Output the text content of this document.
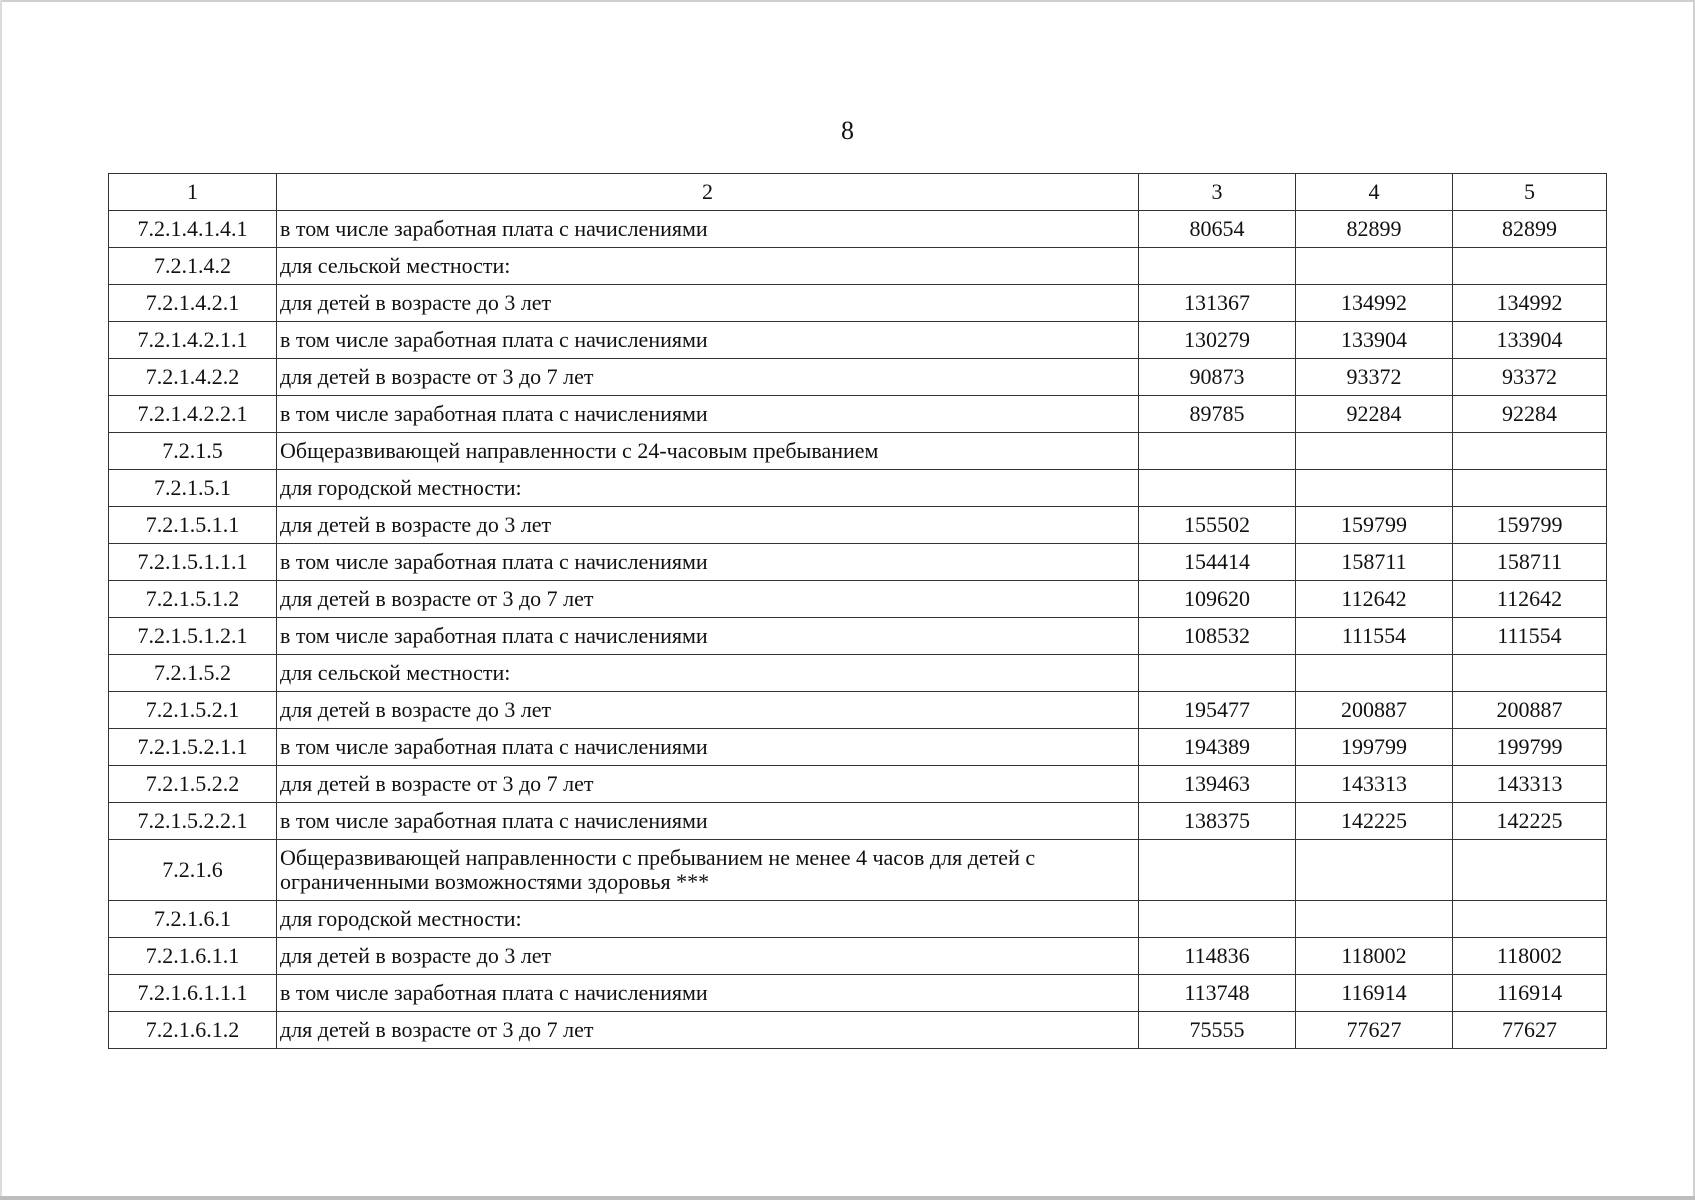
8
1	2	3	4	5
7.2.1.4.1.4.1	в том числе заработная плата с начислениями	80654	82899	82899
7.2.1.4.2	для сельской местности:			
7.2.1.4.2.1	для детей в возрасте до 3 лет	131367	134992	134992
7.2.1.4.2.1.1	в том числе заработная плата с начислениями	130279	133904	133904
7.2.1.4.2.2	для детей в возрасте от 3 до 7 лет	90873	93372	93372
7.2.1.4.2.2.1	в том числе заработная плата с начислениями	89785	92284	92284
7.2.1.5	Общеразвивающей направленности с 24-часовым пребыванием			
7.2.1.5.1	для городской местности:			
7.2.1.5.1.1	для детей в возрасте до 3 лет	155502	159799	159799
7.2.1.5.1.1.1	в том числе заработная плата с начислениями	154414	158711	158711
7.2.1.5.1.2	для детей в возрасте от 3 до 7 лет	109620	112642	112642
7.2.1.5.1.2.1	в том числе заработная плата с начислениями	108532	111554	111554
7.2.1.5.2	для сельской местности:			
7.2.1.5.2.1	для детей в возрасте до 3 лет	195477	200887	200887
7.2.1.5.2.1.1	в том числе заработная плата с начислениями	194389	199799	199799
7.2.1.5.2.2	для детей в возрасте от 3 до 7 лет	139463	143313	143313
7.2.1.5.2.2.1	в том числе заработная плата с начислениями	138375	142225	142225
7.2.1.6	Общеразвивающей направленности с пребыванием не менее 4 часов для детей с ограниченными возможностями здоровья ***			
7.2.1.6.1	для городской местности:			
7.2.1.6.1.1	для детей в возрасте до 3 лет	114836	118002	118002
7.2.1.6.1.1.1	в том числе заработная плата с начислениями	113748	116914	116914
7.2.1.6.1.2	для детей в возрасте от 3 до 7 лет	75555	77627	77627
